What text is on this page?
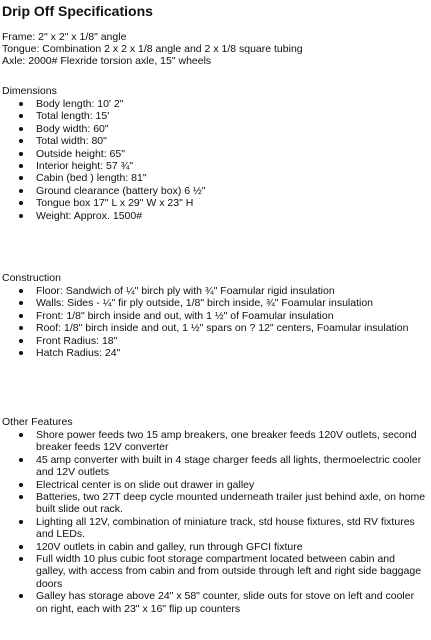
Drip Off Specifications

Frame: 2" x 2" x 1/8" angle

Tongue: Combination 2 x 2 x 1/8 angle and 2 x 1/8 square tubing

Axle: 2000# Flexride torsion axle, 15" wheels

Dimensions

Body length: 10' 2"
Total length: 15'
Body width: 60"
Total width: 80"
Outside height: 65"
Interior height: 57 ¾"
Cabin (bed ) length: 81"
Ground clearance (battery box) 6 ½"
Tongue box 17" L x 29" W x 23" H
Weight: Approx. 1500#

Construction

Floor: Sandwich of ¼" birch ply with ¾" Foamular rigid insulation
Walls: Sides - ¼" fir ply outside, 1/8" birch inside, ¾" Foamular insulation
Front: 1/8" birch inside and out, with 1 ½" of Foamular insulation
Roof: 1/8" birch inside and out, 1 ½" spars on ? 12" centers, Foamular insulation
Front Radius: 18"
Hatch Radius: 24"

Other Features

Shore power feeds two 15 amp breakers, one breaker feeds 120V outlets, second breaker feeds 12V converter
45 amp converter with built in 4 stage charger feeds all lights, thermoelectric cooler and 12V outlets
Electrical center is on slide out drawer in galley
Batteries, two 27T deep cycle mounted underneath trailer just behind axle, on home built slide out rack.
Lighting all 12V, combination of miniature track, std house fixtures, std RV fixtures and LEDs.
120V outlets in cabin and galley, run through GFCI fixture
Full width 10 plus cubic foot storage compartment located between cabin and galley, with access from cabin and from outside through left and right side baggage doors
Galley has storage above 24" x 58" counter, slide outs for stove on left and cooler on right, each with 23" x 16" flip up counters
